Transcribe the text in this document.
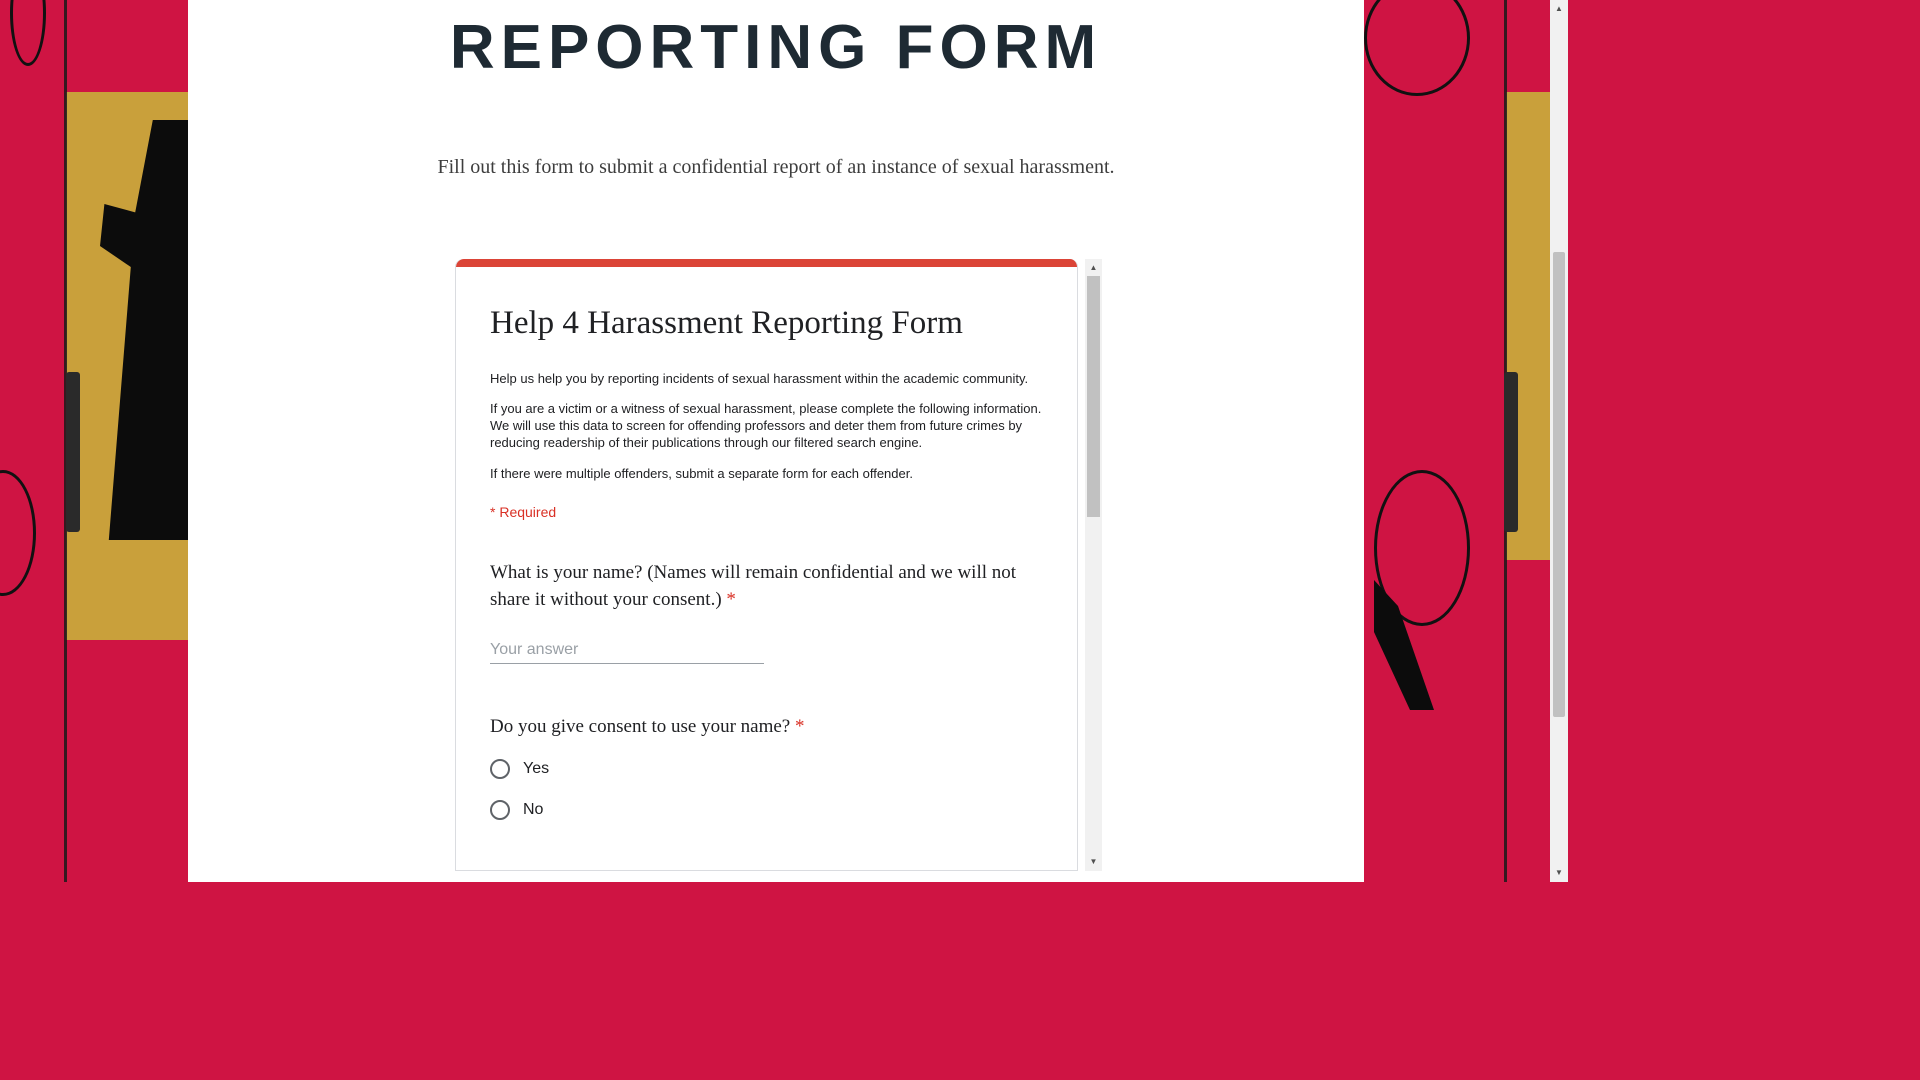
REPORTING FORM

Fill out this form to submit a confidential report of an instance of sexual harassment.

Help 4 Harassment Reporting Form

Help us help you by reporting incidents of sexual harassment within the academic community.

If you are a victim or a witness of sexual harassment, please complete the following information. We will use this data to screen for offending professors and deter them from future crimes by reducing readership of their publications through our filtered search engine.

If there were multiple offenders, submit a separate form for each offender.

* Required

What is your name? (Names will remain confidential and we will not share it without your consent.) *

Your answer

Do you give consent to use your name? *

Yes
No
▲
▼
▲
▼
